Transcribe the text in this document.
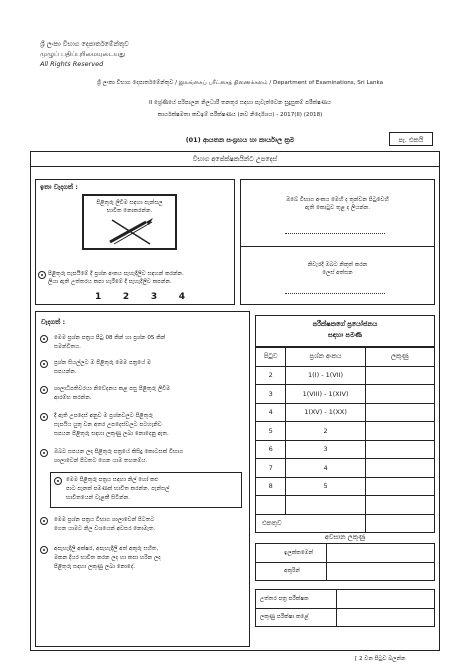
ශ්‍රී ලංකා විභාග දෙපාර්තමේන්තුව
முழுப் பதிப்புரிமையுடையது
All Rights Reserved
ශ්‍රී ලංකා විභාග දෙපාර්තමේන්තුව / இலங்கைப் பரீட்சைத் திணைக்களம் / Department of Examinations, Sri Lanka
II ශ්‍රේණියේ පරිපාලන නිලධාරී තනතුර සඳහා පැවැත්වෙන සුදුසුකම් පරීක්ෂණය
කාර්යක්ෂමතා කඩඉම් පරීක්ෂණය (නව නිර්දේශය) - 2017(II) (2018)
(01) ආයතන සංග්‍රහය හා කාර්යාල ක්‍රම	පැ. එකයි
විභාග අපේක්ෂකයින්ට උපදෙස්
ඉතා වැදගත් :
පිළිතුරු ලිවීම සඳහා පැන්සල
භාවිත නොකරන්න.
පිළිතුරු සැපයීමේ දී ප්‍රශ්න අංකය පැහැදිලිව සඳහන් කරන්න.
ලියා ඇති උත්තරය කපා හැරීමේ දී පැහැදිලිව කපන්න.
1 2 3 4
ඔබේ විභාග අංකය මෙහි ද තුන්වන පිටුවෙහි
ඇති කොටුව තුළ ද ලියන්න.
නිවැරදි ඔබට නිකුත් කරන
ලෙස් අත්සන
වැදගත් :
මෙම ප්‍රශ්න පත්‍රය පිටු 08 කින් හා ප්‍රශ්න 05 කින්
සමන්විතය.
ප්‍රශ්න සියල්ලට ම පිළිතුරු මෙම පත්‍රයේ ම
සපයන්න.
ශාලාධිපතිවරයා නිවේදනය කළ පසු පිළිතුරු ලිවීම
ආරම්භ කරන්න.
දී ඇති උපදෙස් අනුව ම ප්‍රශ්නවලට පිළිතුරු
සැපයිය යුතු වන අතර උපදෙස්වලට පටහැනිව
සපයන පිළිතුරු සඳහා ලකුණු ලබා නොදෙනු ඇත.
ඔබට සපයන ලද පිළිතුරු පත්‍රයේ කිසිදු කොටසක් විභාග
ශාලාවෙන් පිටතට ගෙන යාම තහනම්ය.
මෙම පිළිතුරු පත්‍රය සඳහා නිල් හෝ කළු
පාට පෑනක් පමණක් භාවිත කරන්න. පැන්සල්
භාවිතයෙන් වැළකී සිටින්න.
මෙම ප්‍රශ්න පත්‍රය විභාග ශාලාවෙන් පිටතට
ගෙන යාමට නිල වශයෙන් අවසර නොමැත.
අපැහැදිලි අක්ෂර, අපැහැදිලි අත් අකුරු සහිත,
මකන දියර භාවිත කරන ලද හා කපා හරින ලද
පිළිතුරු සඳහා ලකුණු ලබා නොදේ.
පරීක්ෂකගේ ප්‍රයෝජනය
සඳහා පමණි
පිටුව	ප්‍රශ්න අංකය	ලකුණු
2	1(I) - 1(VII)	
3	1(VIII) - 1(XIV)	
4	1(XV) - 1(XX)	
5	2	
6	3	
7	4	
8	5	

එකතුව		
අවසාන ලකුණු
ඉලක්කමෙන්
අකුරින්
උත්තර පත්‍ර පරීක්ෂක
ලකුණු පරීක්ෂා කළේ
[ 2 වන පිටුව බලන්න
